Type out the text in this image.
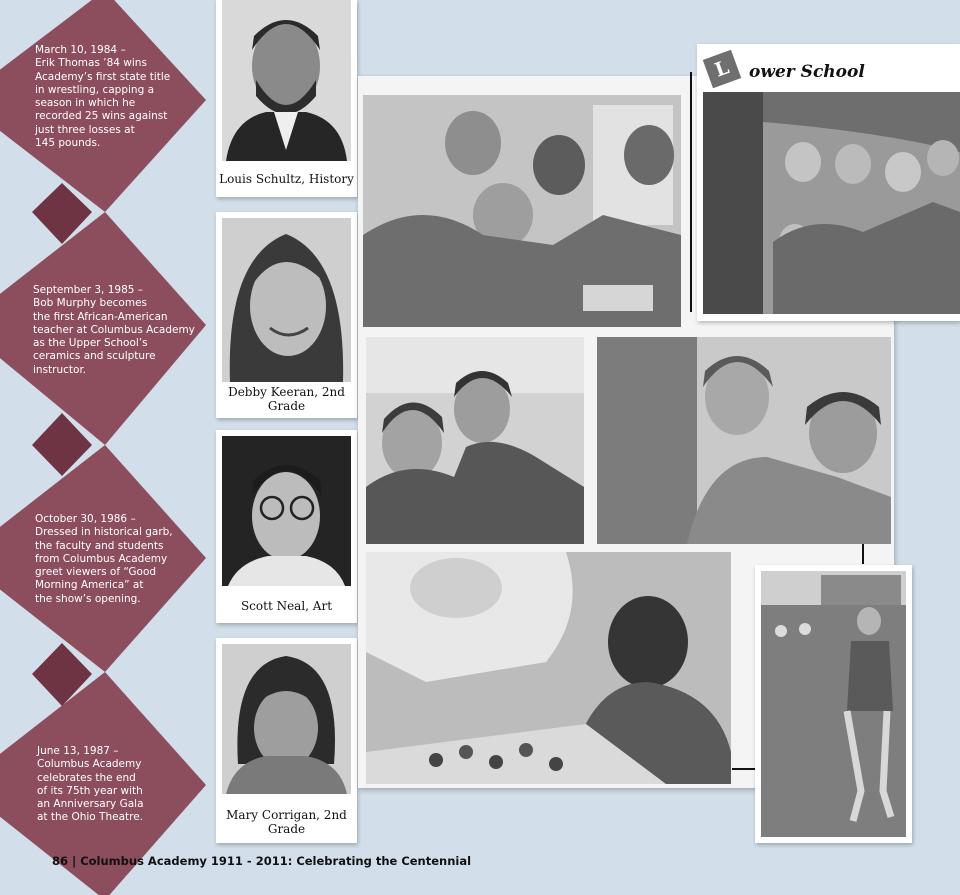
March 10, 1984 –
Erik Thomas ’84 wins
Academy’s first state title
in wrestling, capping a
season in which he
recorded 25 wins against
just three losses at
145 pounds.
September 3, 1985 –
Bob Murphy becomes
the first African-American
teacher at Columbus Academy
as the Upper School’s
ceramics and sculpture
instructor.
October 30, 1986 –
Dressed in historical garb,
the faculty and students
from Columbus Academy
greet viewers of “Good
Morning America” at
the show’s opening.
June 13, 1987 –
Columbus Academy
celebrates the end
of its 75th year with
an Anniversary Gala
at the Ohio Theatre.
Louis Schultz, History
Debby Keeran, 2nd Grade
Scott Neal, Art
Mary Corrigan, 2nd Grade
L ower School
86 | Columbus Academy 1911 - 2011: Celebrating the Centennial
